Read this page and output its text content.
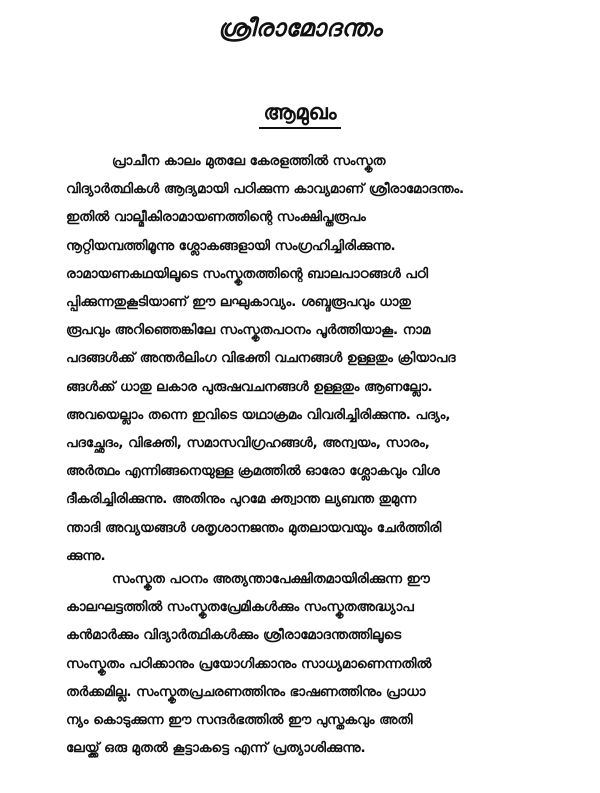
ശ്രീരാമോദന്തം
ആമുഖം
പ്രാചീന കാലം മുതലേ കേരളത്തിൽ സംസ്കൃത
വിദ്യാർത്ഥികൾ ആദ്യമായി പഠിക്കുന്ന കാവ്യമാണ് ശ്രീരാമോദന്തം.
ഇതിൽ വാല്മീകിരാമായണത്തിന്റെ സംക്ഷിപ്തരൂപം
നൂറ്റിയമ്പത്തിമൂന്നു ശ്ലോകങ്ങളായി സംഗ്രഹിച്ചിരിക്കുന്നു.
രാമായണകഥയിലൂടെ സംസ്കൃതത്തിന്റെ ബാലപാഠങ്ങൾ പഠി
പ്പിക്കുന്നതുകൂടിയാണ് ഈ ലഘുകാവ്യം. ശബ്ദരൂപവും ധാതു
രൂപവും അറിഞ്ഞെങ്കിലേ സംസ്കൃതപഠനം പൂർത്തിയാകൂ. നാമ
പദങ്ങൾക്ക് അന്തർലിംഗ വിഭക്തി വചനങ്ങൾ ഉള്ളതും ക്രിയാപദ
ങ്ങൾക്ക് ധാതു ലകാര പുരുഷവചനങ്ങൾ ഉള്ളതും ആണല്ലോ.
അവയെല്ലാം തന്നെ ഇവിടെ യഥാക്രമം വിവരിച്ചിരിക്കുന്നു. പദ്യം,
പദച്ഛേദം, വിഭക്തി, സമാസവിഗ്രഹങ്ങൾ, അന്വയം, സാരം,
അർത്ഥം എന്നിങ്ങനെയുള്ള ക്രമത്തിൽ ഓരോ ശ്ലോകവും വിശ
ദീകരിച്ചിരിക്കുന്നു. അതിനും പുറമേ ക്ത്വാന്ത ല്യബന്ത തുമുന്ന
ന്താദി അവ്യയങ്ങൾ ശതൃശാനജന്തം മുതലായവയും ചേർത്തിരി
ക്കുന്നു.
സംസ്കൃത പഠനം അത്യന്താപേക്ഷിതമായിരിക്കുന്ന ഈ
കാലഘട്ടത്തിൽ സംസ്കൃതപ്രേമികൾക്കും സംസ്കൃതഅദ്ധ്യാപ
കൻമാർക്കും വിദ്യാർത്ഥികൾക്കും ശ്രീരാമോദന്തത്തിലൂടെ
സംസ്കൃതം പഠിക്കാനും പ്രയോഗിക്കാനും സാധ്യമാണെന്നതിൽ
തർക്കമില്ല. സംസ്കൃതപ്രചരണത്തിനും ഭാഷണത്തിനും പ്രാധാ
ന്യം കൊടുക്കുന്ന ഈ സന്ദർഭത്തിൽ ഈ പുസ്തകവും അതി
ലേയ്ക്ക് ഒരു മുതൽ കൂട്ടാകട്ടെ എന്ന് പ്രത്യാശിക്കുന്നു.
